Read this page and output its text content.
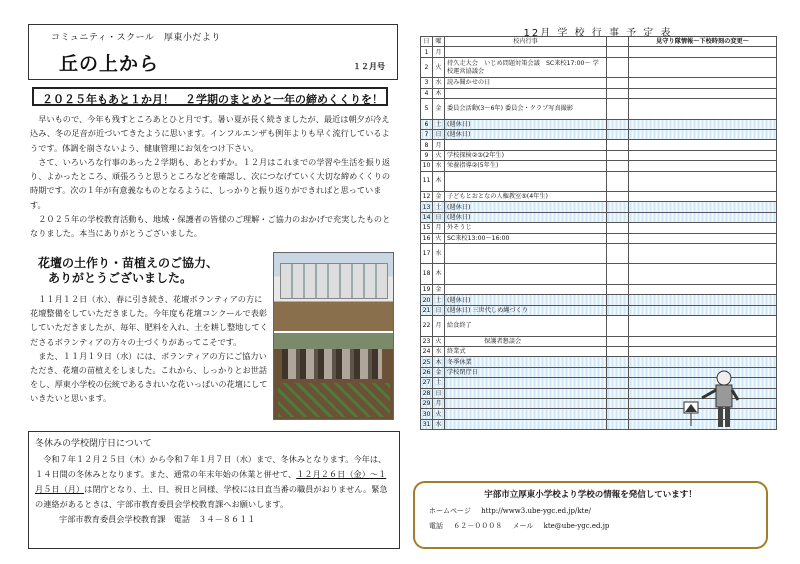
コミュニティ・スクール　厚東小だより
丘の上から	１２月号
２０２５年もあと１か月！　２学期のまとめと一年の締めくくりを！

早いもので、今年も残すところあとひと月です。暑い夏が長く続きましたが、最近は朝夕が冷え込み、冬の足音が近づいてきたように思います。インフルエンザも例年よりも早く流行しているようです。体調を崩さないよう、健康管理にお気をつけ下さい。

さて、いろいろな行事のあった２学期も、あとわずか。１２月はこれまでの学習や生活を振り返り、よかったところ、頑張ろうと思うところなどを確認し、次につなげていく大切な締めくくりの時期です。次の１年が有意義なものとなるように、しっかりと振り返りができればと思っています。

２０２５年の学校教育活動も、地域・保護者の皆様のご理解・ご協力のおかげで充実したものとなりました。本当にありがとうございました。

花壇の土作り・苗植えのご協力、
ありがとうございました。

１１月１２日（水）、春に引き続き、花壇ボランティアの方に花壇整備をしていただきました。今年度も花壇コンクールで表彰していただきましたが、毎年、肥料を入れ、土を耕し整地してくださるボランティアの方々の土づくりがあってこそです。

また、１１月１９日（水）には、ボランティアの方にご協力いただき、花壇の苗植えをしました。これから、しっかりとお世話をし、厚東小学校の伝統であるきれいな花いっぱいの花壇にしていきたいと思います。

冬休みの学校閉庁日について
令和７年１２月２５日（木）から令和７年１月７日（水）まで、冬休みとなります。今年は、１４日間の冬休みとなります。また、通常の年末年始の休業と併せて、１２月２６日（金）～１月５日（月）は閉庁となり、土、日、祝日と同様、学校には日直当番の職員がおりません。緊急の連絡があるときは、宇部市教育委員会学校教育課へお願いします。
宇部市教育委員会学校教育課　電話　３４－８６１１
12月 学 校 行 事 予 定 表
日	曜	校内行事		見守り隊情報～下校時刻の変更～
1	月			
2	火	持久走大会　いじめ問題対策会議　SC来校17:00～ 学校運営協議会		
3	水	読み聞かせの日		
4	木			
5	金	委員会活動(3～6年) 委員会・クラブ写真撮影		
6	土	(週休日)		
7	日	(週休日)		
8	月			
9	火	学校探検②③(2年生)		
10	水	栄養指導②(5年生)		
11	木			
12	金	子どもとおとなの人権教室⑤(4年生)		
13	土	(週休日)		
14	日	(週休日)		
15	月	外そうじ		
16	火	SC来校13:00～16:00		
17	水			
18	木			
19	金			
20	土	(週休日)		
21	日	(週休日) 三世代しめ縄づくり		
22	月	給食終了		
23	火	　　　　　　保護者懇談会		
24	水	終業式		
25	木	冬季休業		
26	金	学校閉庁日		
27	土			
28	日			
29	月			
30	火			
31	水			
宇部市立厚東小学校より学校の情報を発信しています！
ホームページ http://www3.ube-ygc.ed.jp/kte/
電話 ６２－０００８ メール kte@ube-ygc.ed.jp
